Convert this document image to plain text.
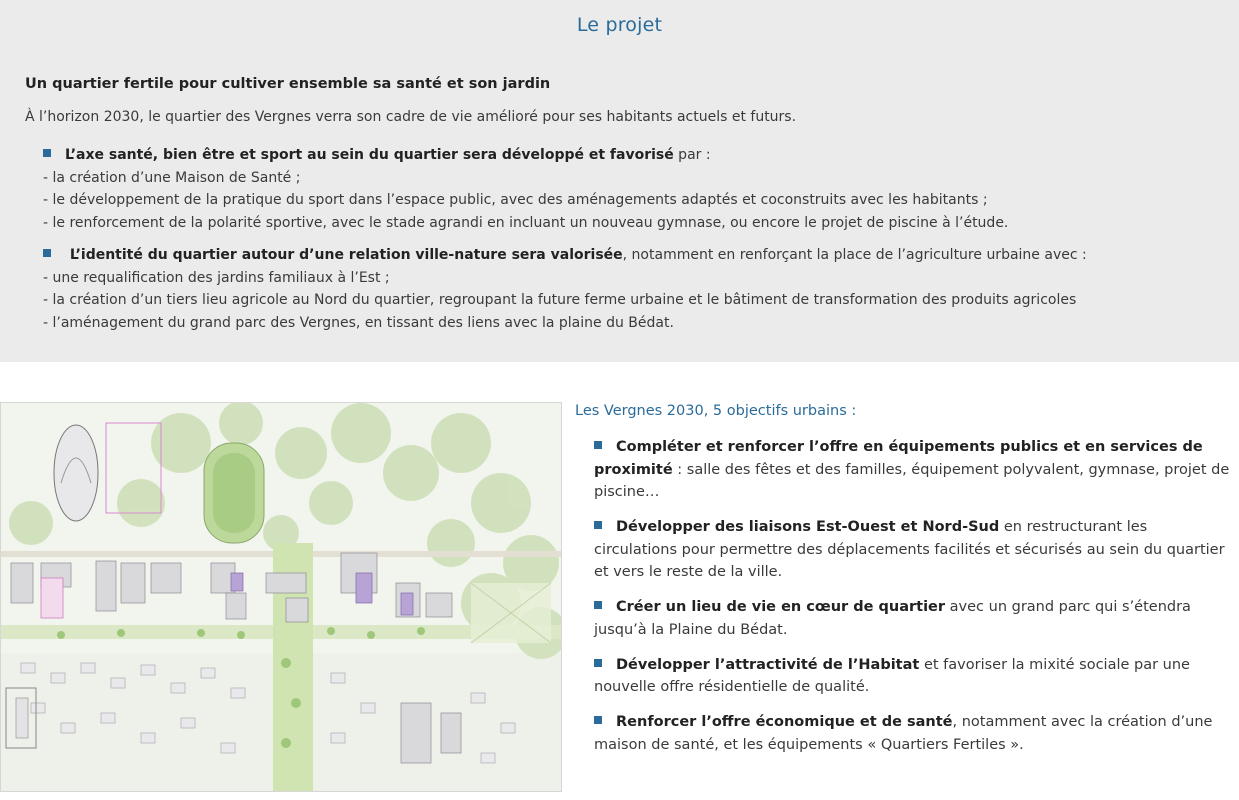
Le projet
Un quartier fertile pour cultiver ensemble sa santé et son jardin
À l’horizon 2030, le quartier des Vergnes verra son cadre de vie amélioré pour ses habitants actuels et futurs.
L’axe santé, bien être et sport au sein du quartier sera développé et favorisé par :
- la création d’une Maison de Santé ;
- le développement de la pratique du sport dans l’espace public, avec des aménagements adaptés et coconstruits avec les habitants ;
- le renforcement de la polarité sportive, avec le stade agrandi en incluant un nouveau gymnase, ou encore le projet de piscine à l’étude.
L’identité du quartier autour d’une relation ville-nature sera valorisée, notamment en renforçant la place de l’agriculture urbaine avec :
- une requalification des jardins familiaux à l’Est ;
- la création d’un tiers lieu agricole au Nord du quartier, regroupant la future ferme urbaine et le bâtiment de transformation des produits agricoles
- l’aménagement du grand parc des Vergnes, en tissant des liens avec la plaine du Bédat.
Les Vergnes 2030, 5 objectifs urbains :
Compléter et renforcer l’offre en équipements publics et en services de proximité : salle des fêtes et des familles, équipement polyvalent, gymnase, projet de piscine…
Développer des liaisons Est-Ouest et Nord-Sud en restructurant les circulations pour permettre des déplacements facilités et sécurisés au sein du quartier et vers le reste de la ville.
Créer un lieu de vie en cœur de quartier avec un grand parc qui s’étendra jusqu’à la Plaine du Bédat.
Développer l’attractivité de l’Habitat et favoriser la mixité sociale par une nouvelle offre résidentielle de qualité.
Renforcer l’offre économique et de santé, notamment avec la création d’une maison de santé, et les équipements « Quartiers Fertiles ».
